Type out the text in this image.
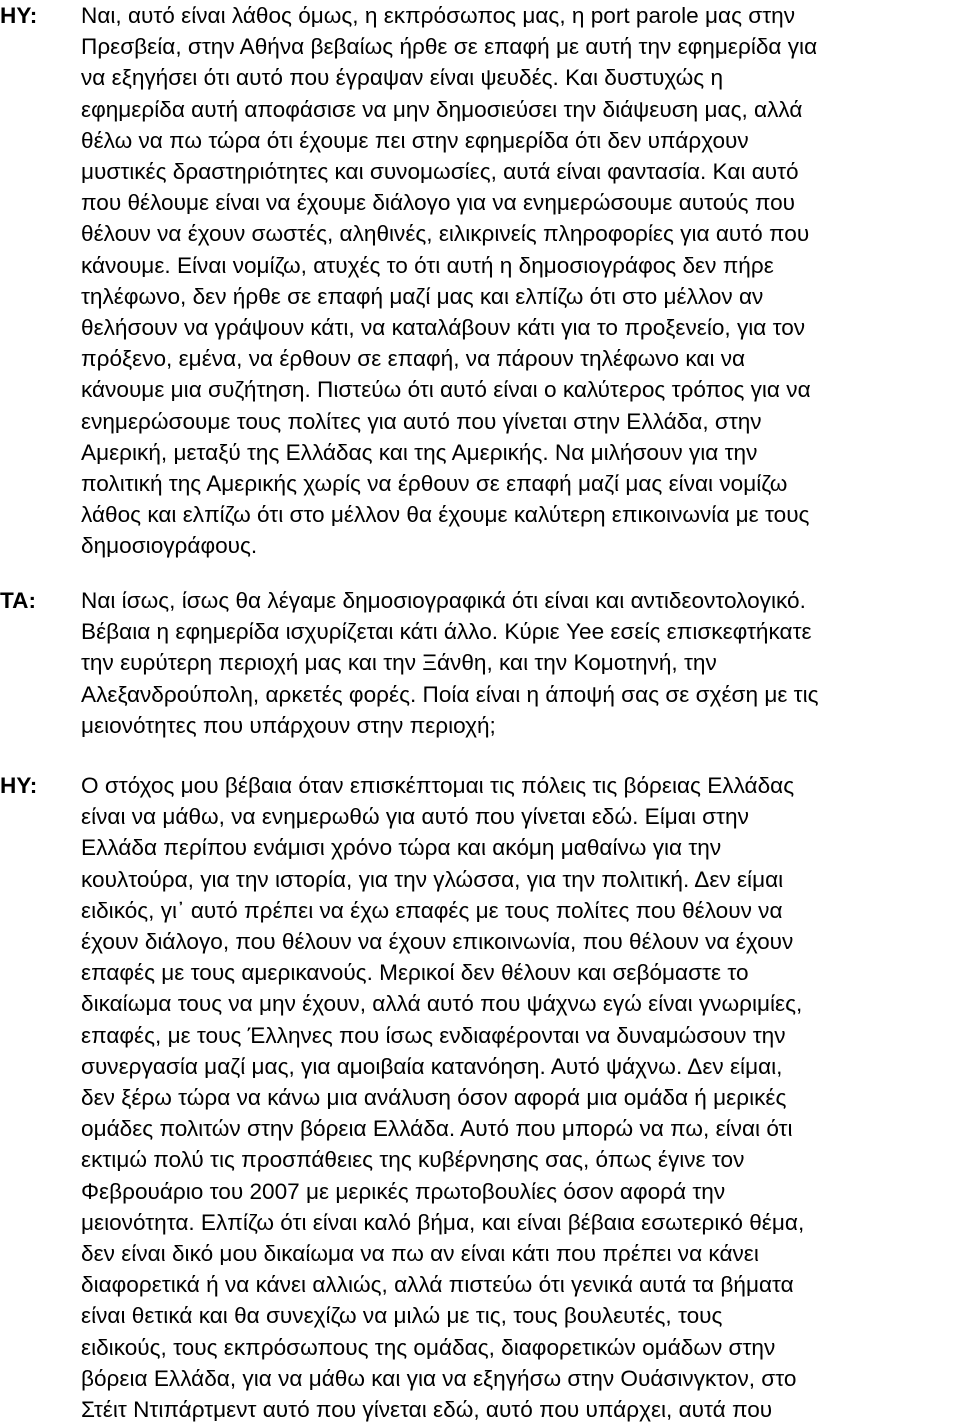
HY:	Ναι, αυτό είναι λάθος όμως, η εκπρόσωπος μας, η port parole μας στην
Πρεσβεία, στην Αθήνα βεβαίως ήρθε σε επαφή με αυτή την εφημερίδα για
να εξηγήσει ότι αυτό που έγραψαν είναι ψευδές. Και δυστυχώς η
εφημερίδα αυτή αποφάσισε να μην δημοσιεύσει την διάψευση μας, αλλά
θέλω να πω τώρα ότι έχουμε πει στην εφημερίδα ότι δεν υπάρχουν
μυστικές δραστηριότητες και συνομωσίες, αυτά είναι φαντασία. Και αυτό
που θέλουμε είναι να έχουμε διάλογο για να ενημερώσουμε αυτούς που
θέλουν να έχουν σωστές, αληθινές, ειλικρινείς πληροφορίες για αυτό που
κάνουμε. Είναι νομίζω, ατυχές το ότι αυτή η δημοσιογράφος δεν πήρε
τηλέφωνο, δεν ήρθε σε επαφή μαζί μας και ελπίζω ότι στο μέλλον αν
θελήσουν να γράψουν κάτι, να καταλάβουν κάτι για το προξενείο, για τον
πρόξενο, εμένα, να έρθουν σε επαφή, να πάρουν τηλέφωνο και να
κάνουμε μια συζήτηση. Πιστεύω ότι αυτό είναι ο καλύτερος τρόπος για να
ενημερώσουμε τους πολίτες για αυτό που γίνεται στην Ελλάδα, στην
Αμερική, μεταξύ της Ελλάδας και της Αμερικής. Να μιλήσουν για την
πολιτική της Αμερικής χωρίς να έρθουν σε επαφή μαζί μας είναι νομίζω
λάθος και ελπίζω ότι στο μέλλον θα έχουμε καλύτερη επικοινωνία με τους
δημοσιογράφους.
ΤΑ:	Ναι ίσως, ίσως θα λέγαμε δημοσιογραφικά ότι είναι και αντιδεοντολογικό.
Βέβαια η εφημερίδα ισχυρίζεται κάτι άλλο. Κύριε Yee εσείς επισκεφτήκατε
την ευρύτερη περιοχή μας και την Ξάνθη, και την Κομοτηνή, την
Αλεξανδρούπολη, αρκετές φορές. Ποία είναι η άποψή σας σε σχέση με τις
μειονότητες που υπάρχουν στην περιοχή;
HY:	Ο στόχος μου βέβαια όταν επισκέπτομαι τις πόλεις τις βόρειας Ελλάδας
είναι να μάθω, να ενημερωθώ για αυτό που γίνεται εδώ. Είμαι στην
Ελλάδα περίπου ενάμισι χρόνο τώρα και ακόμη μαθαίνω για την
κουλτούρα, για την ιστορία, για την γλώσσα, για την πολιτική. Δεν είμαι
ειδικός, γι᾽ αυτό πρέπει να έχω επαφές με τους πολίτες που θέλουν να
έχουν διάλογο, που θέλουν να έχουν επικοινωνία, που θέλουν να έχουν
επαφές με τους αμερικανούς. Μερικοί δεν θέλουν και σεβόμαστε το
δικαίωμα τους να μην έχουν, αλλά αυτό που ψάχνω εγώ είναι γνωριμίες,
επαφές, με τους Έλληνες που ίσως ενδιαφέρονται να δυναμώσουν την
συνεργασία μαζί μας, για αμοιβαία κατανόηση. Αυτό ψάχνω. Δεν είμαι,
δεν ξέρω τώρα να κάνω μια ανάλυση όσον αφορά μια ομάδα ή μερικές
ομάδες πολιτών στην βόρεια Ελλάδα. Αυτό που μπορώ να πω, είναι ότι
εκτιμώ πολύ τις προσπάθειες της κυβέρνησης σας, όπως έγινε τον
Φεβρουάριο του 2007 με μερικές πρωτοβουλίες όσον αφορά την
μειονότητα. Ελπίζω ότι είναι καλό βήμα, και είναι βέβαια εσωτερικό θέμα,
δεν είναι δικό μου δικαίωμα να πω αν είναι κάτι που πρέπει να κάνει
διαφορετικά ή να κάνει αλλιώς, αλλά πιστεύω ότι γενικά αυτά τα βήματα
είναι θετικά και θα συνεχίζω να μιλώ με τις, τους βουλευτές, τους
ειδικούς, τους εκπρόσωπους της ομάδας, διαφορετικών ομάδων στην
βόρεια Ελλάδα, για να μάθω και για να εξηγήσω στην Ουάσινγκτον, στο
Στέιτ Ντιπάρτμεντ αυτό που γίνεται εδώ, αυτό που υπάρχει, αυτά που
